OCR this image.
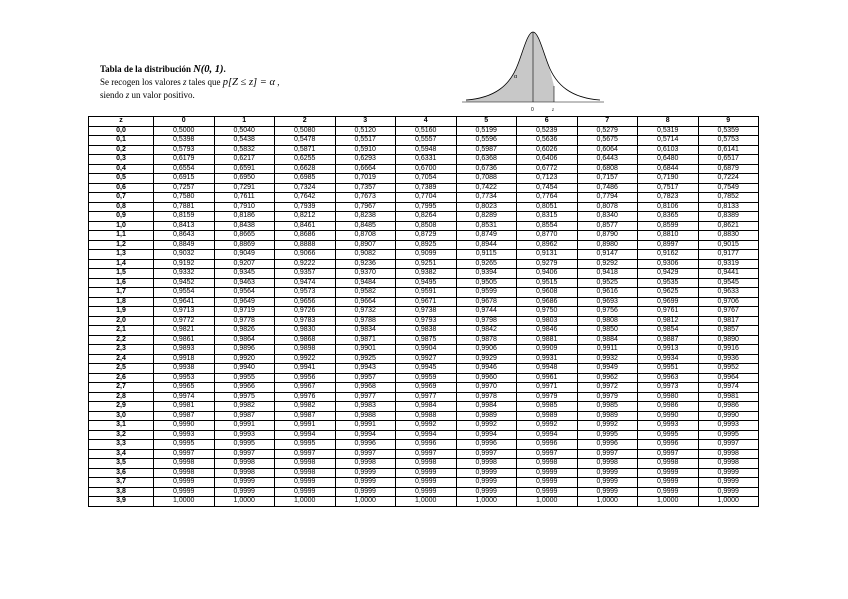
Tabla de la distribución N(0, 1).
Se recogen los valores z tales que p[Z ≤ z] = α ,
siendo z un valor positivo.
α
0	z
z	0	1	2	3	4	5	6	7	8	9
0,0	0,5000	0,5040	0,5080	0,5120	0,5160	0,5199	0,5239	0,5279	0,5319	0,5359
0,1	0,5398	0,5438	0,5478	0,5517	0,5557	0,5596	0,5636	0,5675	0,5714	0,5753
0,2	0,5793	0,5832	0,5871	0,5910	0,5948	0,5987	0,6026	0,6064	0,6103	0,6141
0,3	0,6179	0,6217	0,6255	0,6293	0,6331	0,6368	0,6406	0,6443	0,6480	0,6517
0,4	0,6554	0,6591	0,6628	0,6664	0,6700	0,6736	0,6772	0,6808	0,6844	0,6879
0,5	0,6915	0,6950	0,6985	0,7019	0,7054	0,7088	0,7123	0,7157	0,7190	0,7224
0,6	0,7257	0,7291	0,7324	0,7357	0,7389	0,7422	0,7454	0,7486	0,7517	0,7549
0,7	0,7580	0,7611	0,7642	0,7673	0,7704	0,7734	0,7764	0,7794	0,7823	0,7852
0,8	0,7881	0,7910	0,7939	0,7967	0,7995	0,8023	0,8051	0,8078	0,8106	0,8133
0,9	0,8159	0,8186	0,8212	0,8238	0,8264	0,8289	0,8315	0,8340	0,8365	0,8389
1,0	0,8413	0,8438	0,8461	0,8485	0,8508	0,8531	0,8554	0,8577	0,8599	0,8621
1,1	0,8643	0,8665	0,8686	0,8708	0,8729	0,8749	0,8770	0,8790	0,8810	0,8830
1,2	0,8849	0,8869	0,8888	0,8907	0,8925	0,8944	0,8962	0,8980	0,8997	0,9015
1,3	0,9032	0,9049	0,9066	0,9082	0,9099	0,9115	0,9131	0,9147	0,9162	0,9177
1,4	0,9192	0,9207	0,9222	0,9236	0,9251	0,9265	0,9279	0,9292	0,9306	0,9319
1,5	0,9332	0,9345	0,9357	0,9370	0,9382	0,9394	0,9406	0,9418	0,9429	0,9441
1,6	0,9452	0,9463	0,9474	0,9484	0,9495	0,9505	0,9515	0,9525	0,9535	0,9545
1,7	0,9554	0,9564	0,9573	0,9582	0,9591	0,9599	0,9608	0,9616	0,9625	0,9633
1,8	0,9641	0,9649	0,9656	0,9664	0,9671	0,9678	0,9686	0,9693	0,9699	0,9706
1,9	0,9713	0,9719	0,9726	0,9732	0,9738	0,9744	0,9750	0,9756	0,9761	0,9767
2,0	0,9772	0,9778	0,9783	0,9788	0,9793	0,9798	0,9803	0,9808	0,9812	0,9817
2,1	0,9821	0,9826	0,9830	0,9834	0,9838	0,9842	0,9846	0,9850	0,9854	0,9857
2,2	0,9861	0,9864	0,9868	0,9871	0,9875	0,9878	0,9881	0,9884	0,9887	0,9890
2,3	0,9893	0,9896	0,9898	0,9901	0,9904	0,9906	0,9909	0,9911	0,9913	0,9916
2,4	0,9918	0,9920	0,9922	0,9925	0,9927	0,9929	0,9931	0,9932	0,9934	0,9936
2,5	0,9938	0,9940	0,9941	0,9943	0,9945	0,9946	0,9948	0,9949	0,9951	0,9952
2,6	0,9953	0,9955	0,9956	0,9957	0,9959	0,9960	0,9961	0,9962	0,9963	0,9964
2,7	0,9965	0,9966	0,9967	0,9968	0,9969	0,9970	0,9971	0,9972	0,9973	0,9974
2,8	0,9974	0,9975	0,9976	0,9977	0,9977	0,9978	0,9979	0,9979	0,9980	0,9981
2,9	0,9981	0,9982	0,9982	0,9983	0,9984	0,9984	0,9985	0,9985	0,9986	0,9986
3,0	0,9987	0,9987	0,9987	0,9988	0,9988	0,9989	0,9989	0,9989	0,9990	0,9990
3,1	0,9990	0,9991	0,9991	0,9991	0,9992	0,9992	0,9992	0,9992	0,9993	0,9993
3,2	0,9993	0,9993	0,9994	0,9994	0,9994	0,9994	0,9994	0,9995	0,9995	0,9995
3,3	0,9995	0,9995	0,9995	0,9996	0,9996	0,9996	0,9996	0,9996	0,9996	0,9997
3,4	0,9997	0,9997	0,9997	0,9997	0,9997	0,9997	0,9997	0,9997	0,9997	0,9998
3,5	0,9998	0,9998	0,9998	0,9998	0,9998	0,9998	0,9998	0,9998	0,9998	0,9998
3,6	0,9998	0,9998	0,9998	0,9999	0,9999	0,9999	0,9999	0,9999	0,9999	0,9999
3,7	0,9999	0,9999	0,9999	0,9999	0,9999	0,9999	0,9999	0,9999	0,9999	0,9999
3,8	0,9999	0,9999	0,9999	0,9999	0,9999	0,9999	0,9999	0,9999	0,9999	0,9999
3,9	1,0000	1,0000	1,0000	1,0000	1,0000	1,0000	1,0000	1,0000	1,0000	1,0000
